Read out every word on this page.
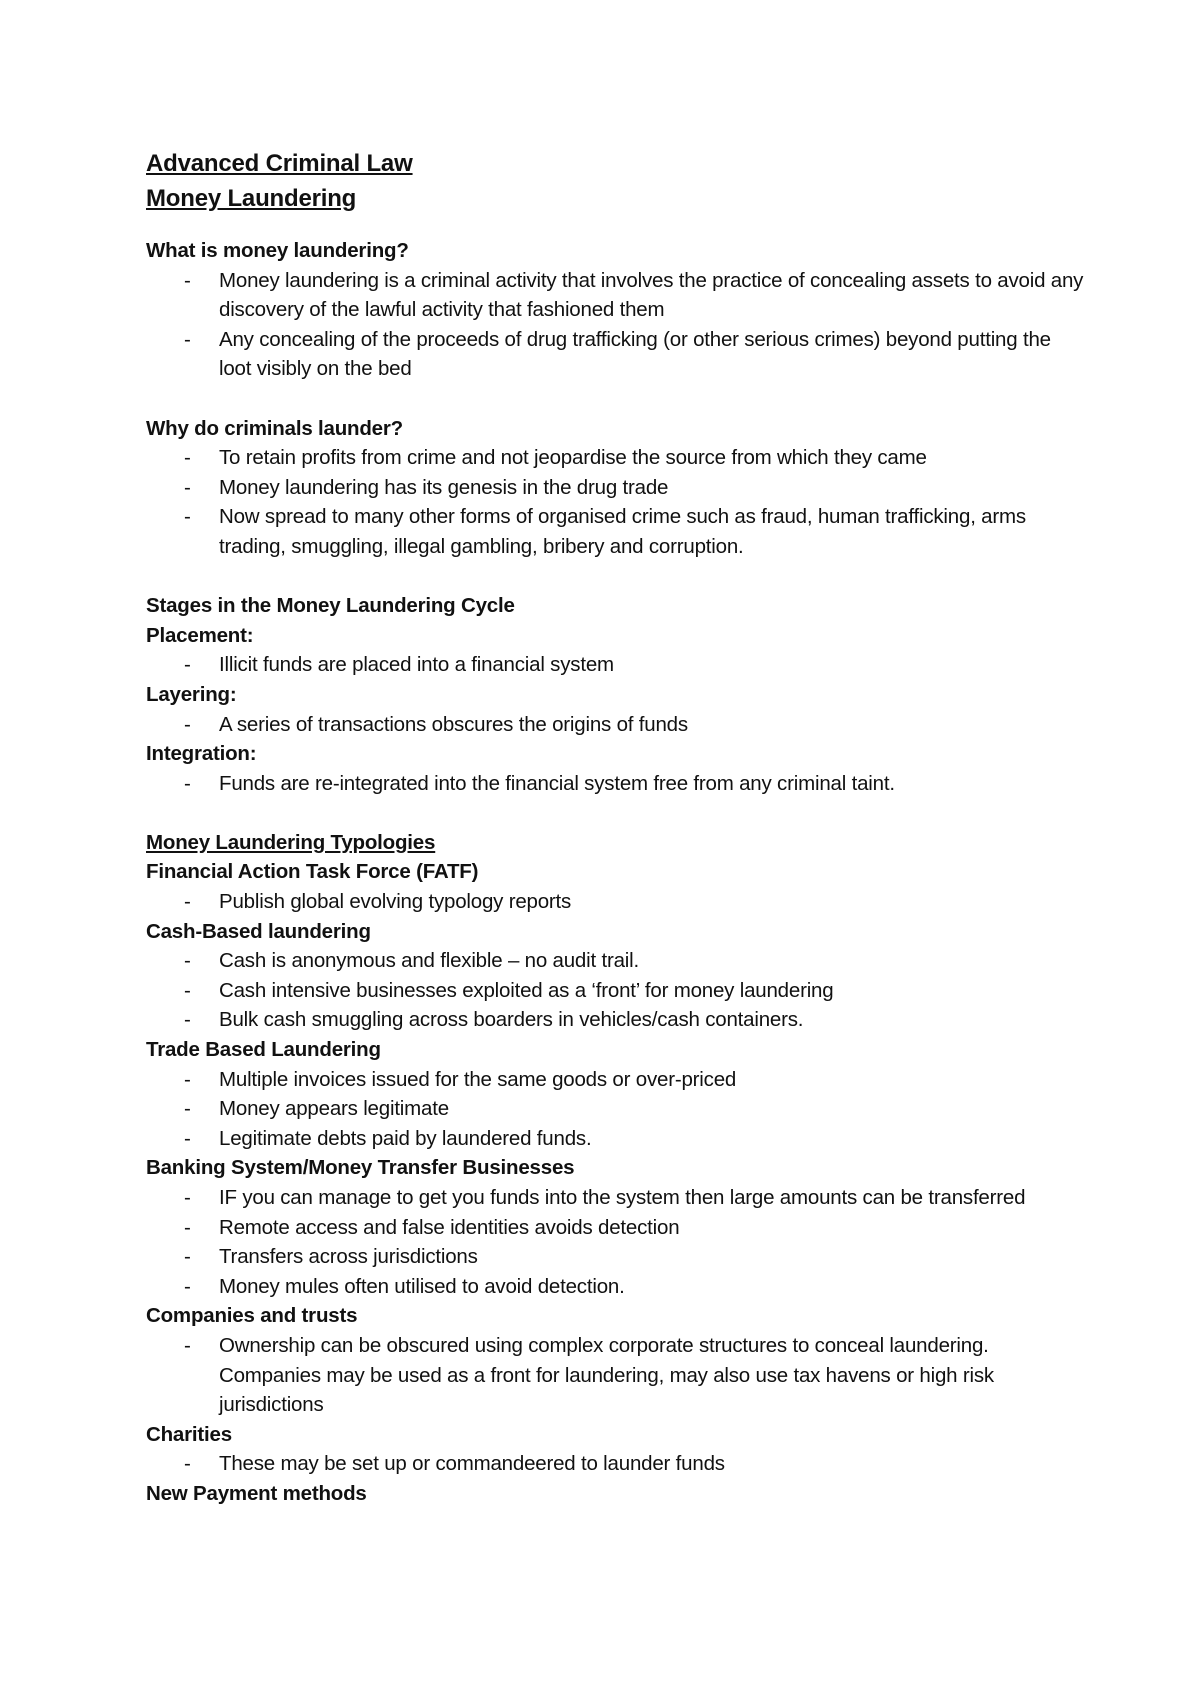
Advanced Criminal Law
Money Laundering
What is money laundering?
- Money laundering is a criminal activity that involves the practice of concealing assets to avoid any discovery of the lawful activity that fashioned them
- Any concealing of the proceeds of drug trafficking (or other serious crimes) beyond putting the loot visibly on the bed
Why do criminals launder?
- To retain profits from crime and not jeopardise the source from which they came
- Money laundering has its genesis in the drug trade
- Now spread to many other forms of organised crime such as fraud, human trafficking, arms trading, smuggling, illegal gambling, bribery and corruption.
Stages in the Money Laundering Cycle
Placement:
- Illicit funds are placed into a financial system
Layering:
- A series of transactions obscures the origins of funds
Integration:
- Funds are re-integrated into the financial system free from any criminal taint.
Money Laundering Typologies
Financial Action Task Force (FATF)
- Publish global evolving typology reports
Cash-Based laundering
- Cash is anonymous and flexible – no audit trail.
- Cash intensive businesses exploited as a ‘front’ for money laundering
- Bulk cash smuggling across boarders in vehicles/cash containers.
Trade Based Laundering
- Multiple invoices issued for the same goods or over-priced
- Money appears legitimate
- Legitimate debts paid by laundered funds.
Banking System/Money Transfer Businesses
- IF you can manage to get you funds into the system then large amounts can be transferred
- Remote access and false identities avoids detection
- Transfers across jurisdictions
- Money mules often utilised to avoid detection.
Companies and trusts
- Ownership can be obscured using complex corporate structures to conceal laundering. Companies may be used as a front for laundering, may also use tax havens or high risk jurisdictions
Charities
- These may be set up or commandeered to launder funds
New Payment methods
